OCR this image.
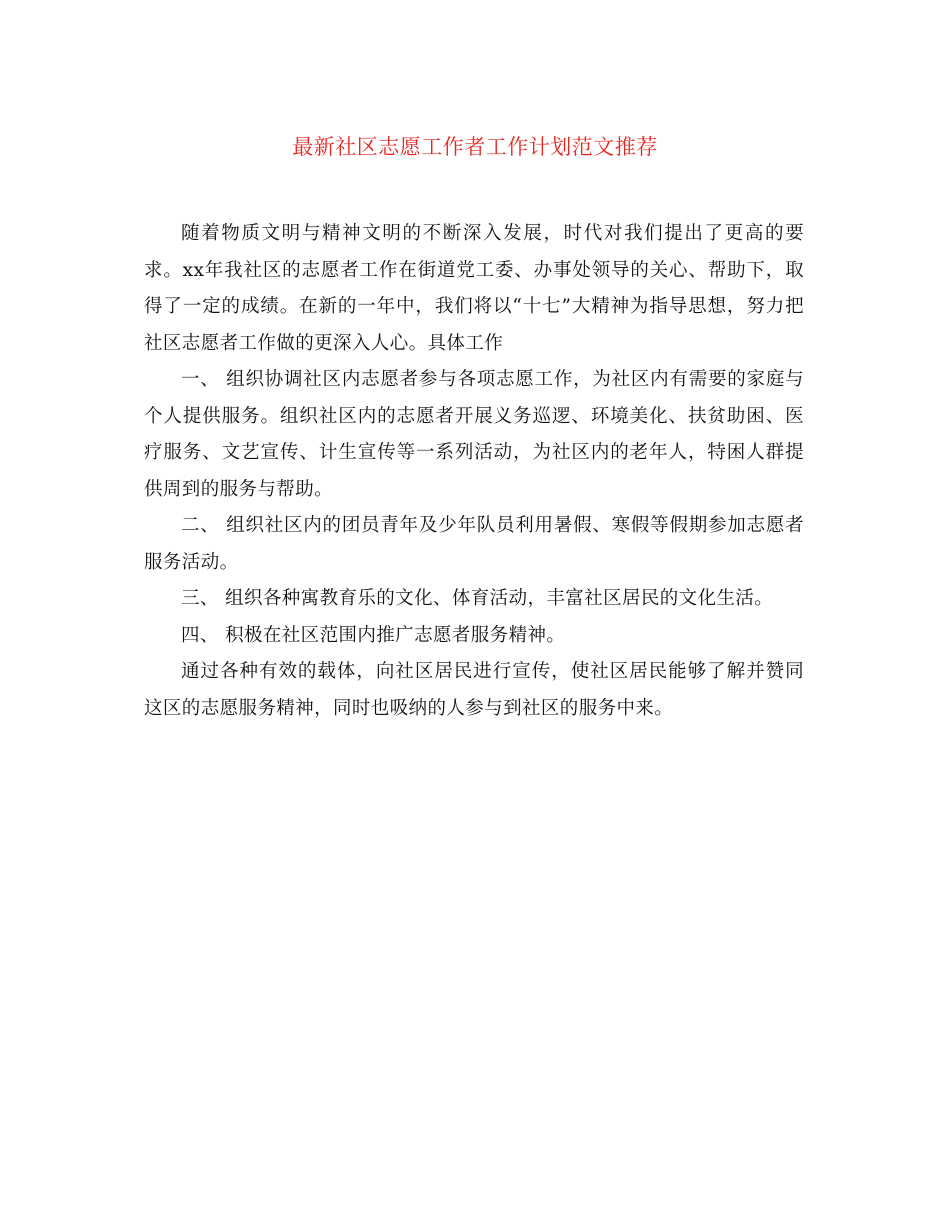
最新社区志愿工作者工作计划范文推荐

随着物质文明与精神文明的不断深入发展，时代对我们提出了更高的要求。xx年我社区的志愿者工作在街道党工委、办事处领导的关心、帮助下，取得了一定的成绩。在新的一年中，我们将以“十七”大精神为指导思想，努力把社区志愿者工作做的更深入人心。具体工作

一、 组织协调社区内志愿者参与各项志愿工作，为社区内有需要的家庭与个人提供服务。组织社区内的志愿者开展义务巡逻、环境美化、扶贫助困、医疗服务、文艺宣传、计生宣传等一系列活动，为社区内的老年人，特困人群提供周到的服务与帮助。

二、 组织社区内的团员青年及少年队员利用暑假、寒假等假期参加志愿者服务活动。

三、 组织各种寓教育乐的文化、体育活动，丰富社区居民的文化生活。

四、 积极在社区范围内推广志愿者服务精神。

通过各种有效的载体，向社区居民进行宣传，使社区居民能够了解并赞同这区的志愿服务精神，同时也吸纳的人参与到社区的服务中来。
